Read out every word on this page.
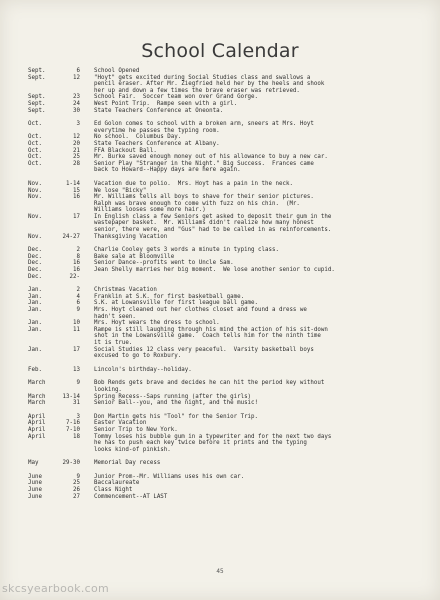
School Calendar
Sept.	6 School Opened
Sept.	12 "Hoyt" gets excited during Social Studies class and swallows a
pencil eraser. After Mr. Ziegfried held her by the heels and shook
her up and down a few times the brave eraser was retrieved.
Sept.	23 School Fair.  Soccer team won over Grand Gorge.
Sept.	24 West Point Trip.  Rampe seen with a girl.
Sept.	30 State Teachers Conference at Oneonta.
Oct.	3 Ed Golon comes to school with a broken arm, sneers at Mrs. Hoyt
everytime he passes the typing room.
Oct.	12 No school.  Columbus Day.
Oct.	20 State Teachers Conference at Albany.
Oct.	21 FFA Blackout Ball.
Oct.	25 Mr. Burke saved enough money out of his allowance to buy a new car.
Oct.	28 Senior Play "Stranger in the Night." Big Success.  Frances came
back to Howard--Happy days are here again.
Nov.	1-14 Vacation due to polio.  Mrs. Hoyt has a pain in the neck.
Nov.	15 We lose "Bicky"
Nov.	16 Mr. Williams tells all boys to shave for their senior pictures.
Ralph was brave enough to come with fuzz on his chin.  (Mr.
Williams looses some more hair.)
Nov.	17 In English class a few Seniors get asked to deposit their gum in the
wastepaper basket.  Mr. Williams didn't realize how many honest
senior, there were, and "Gus" had to be called in as reinforcements.
Nov.	24-27 Thanksgiving Vacation
Dec.	2 Charlie Cooley gets 3 words a minute in typing class.
Dec.	8 Bake sale at Bloomville
Dec.	16 Senior Dance--profits went to Uncle Sam.
Dec.	16 Jean Shelly marries her big moment.  We lose another senior to cupid.
Dec.	22-
Jan.	2 Christmas Vacation
Jan.	4 Franklin at S.K. for first basketball game.
Jan.	6 S.K. at Lowansville for first league ball game.
Jan.	9 Mrs. Hoyt cleaned out her clothes closet and found a dress we
hadn't seen.
Jan.	10 Mrs. Hoyt wears the dress to school.
Jan.	11 Rampe is still laughing through his mind the action of his sit-down
shot in the Lowansville game.  Coach tells him for the ninth time
it is true.
Jan.	17 Social Studies 12 class very peaceful.  Varsity basketball boys
excused to go to Roxbury.
Feb.	13 Lincoln's birthday--holiday.
March	9 Bob Rends gets brave and decides he can hit the period key without
looking.
March	13-14 Spring Recess--Saps running (after the girls)
March	31 Senior Ball--you, and the night, and the music!
April	3 Don Martin gets his "Tool" for the Senior Trip.
April	7-16 Easter Vacation
April	7-10 Senior Trip to New York.
April	18 Tommy loses his bubble gum in a typewriter and for the next two days
he has to push each key twice before it prints and the typing
looks kind-of pinkish.
May	29-30 Memorial Day recess
June	9 Junior Prom--Mr. Williams uses his own car.
June	25 Baccalaureate
June	26 Class Night
June	27 Commencement--AT LAST
45
skcsyearbook.com
